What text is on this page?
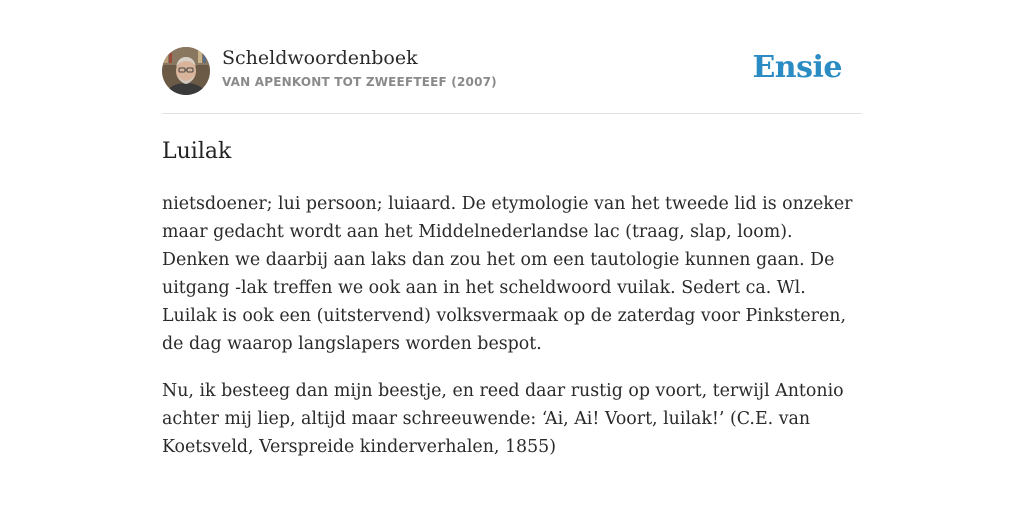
Scheldwoordenboek
VAN APENKONT TOT ZWEEFTEEF (2007)	Ensie
Luilak

nietsdoener; lui persoon; luiaard. De etymologie van het tweede lid is onzeker maar gedacht wordt aan het Middelnederlandse lac (traag, slap, loom). Denken we daarbij aan laks dan zou het om een tautologie kunnen gaan. De uitgang -lak treffen we ook aan in het scheldwoord vuilak. Sedert ca. Wl. Luilak is ook een (uitstervend) volksvermaak op de zaterdag voor Pinksteren, de dag waarop langslapers worden bespot.

Nu, ik besteeg dan mijn beestje, en reed daar rustig op voort, terwijl Antonio achter mij liep, altijd maar schreeuwende: ‘Ai, Ai! Voort, luilak!’ (C.E. van Koetsveld, Verspreide kinderverhalen, 1855)
